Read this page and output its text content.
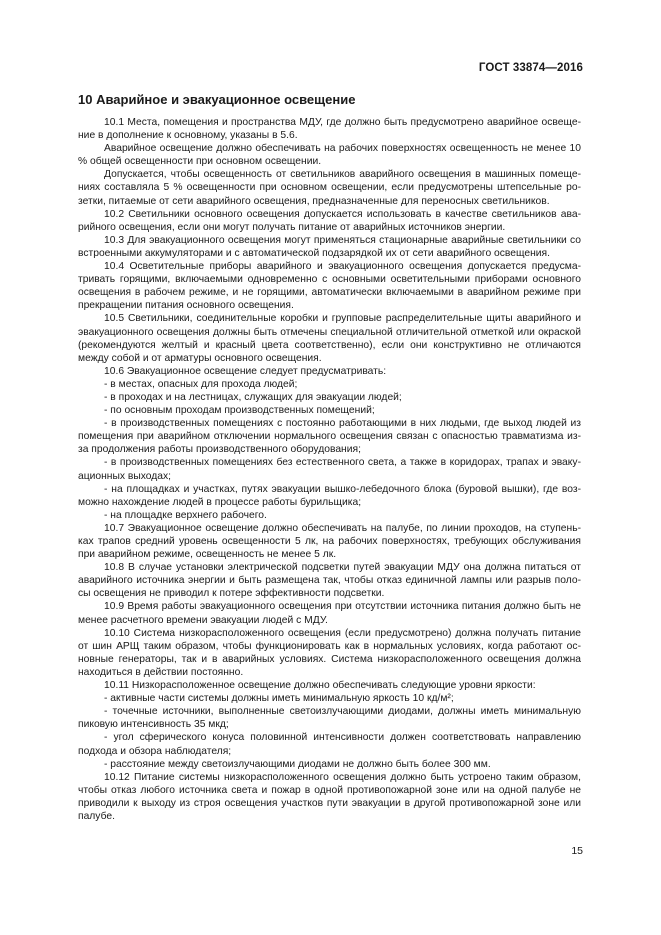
ГОСТ 33874—2016
10 Аварийное и эвакуационное освещение

10.1 Места, помещения и пространства МДУ, где должно быть предусмотрено аварийное освещение в дополнение к основному, указаны в 5.6.

Аварийное освещение должно обеспечивать на рабочих поверхностях освещенность не менее 10 % общей освещенности при основном освещении.

Допускается, чтобы освещенность от светильников аварийного освещения в машинных помещениях составляла 5 % освещенности при основном освещении, если предусмотрены штепсельные розетки, питаемые от сети аварийного освещения, предназначенные для переносных светильников.

10.2 Светильники основного освещения допускается использовать в качестве светильников аварийного освещения, если они могут получать питание от аварийных источников энергии.

10.3 Для эвакуационного освещения могут применяться стационарные аварийные светильники со встроенными аккумуляторами и с автоматической подзарядкой их от сети аварийного освещения.

10.4 Осветительные приборы аварийного и эвакуационного освещения допускается предусматривать горящими, включаемыми одновременно с основными осветительными приборами основного освещения в рабочем режиме, и не горящими, автоматически включаемыми в аварийном режиме при прекращении питания основного освещения.

10.5 Светильники, соединительные коробки и групповые распределительные щиты аварийного и эвакуационного освещения должны быть отмечены специальной отличительной отметкой или окраской (рекомендуются желтый и красный цвета соответственно), если они конструктивно не отличаются между собой и от арматуры основного освещения.

10.6 Эвакуационное освещение следует предусматривать:

- в местах, опасных для прохода людей;

- в проходах и на лестницах, служащих для эвакуации людей;

- по основным проходам производственных помещений;

- в производственных помещениях с постоянно работающими в них людьми, где выход людей из помещения при аварийном отключении нормального освещения связан с опасностью травматизма из-за продолжения работы производственного оборудования;

- в производственных помещениях без естественного света, а также в коридорах, трапах и эвакуационных выходах;

- на площадках и участках, путях эвакуации вышко-лебедочного блока (буровой вышки), где возможно нахождение людей в процессе работы бурильщика;

- на площадке верхнего рабочего.

10.7 Эвакуационное освещение должно обеспечивать на палубе, по линии проходов, на ступеньках трапов средний уровень освещенности 5 лк, на рабочих поверхностях, требующих обслуживания при аварийном режиме, освещенность не менее 5 лк.

10.8 В случае установки электрической подсветки путей эвакуации МДУ она должна питаться от аварийного источника энергии и быть размещена так, чтобы отказ единичной лампы или разрыв полосы освещения не приводил к потере эффективности подсветки.

10.9 Время работы эвакуационного освещения при отсутствии источника питания должно быть не менее расчетного времени эвакуации людей с МДУ.

10.10 Система низкорасположенного освещения (если предусмотрено) должна получать питание от шин АРЩ таким образом, чтобы функционировать как в нормальных условиях, когда работают основные генераторы, так и в аварийных условиях. Система низкорасположенного освещения должна находиться в действии постоянно.

10.11 Низкорасположенное освещение должно обеспечивать следующие уровни яркости:

- активные части системы должны иметь минимальную яркость 10 кд/м²;

- точечные источники, выполненные светоизлучающими диодами, должны иметь минимальную пиковую интенсивность 35 мкд;

- угол сферического конуса половинной интенсивности должен соответствовать направлению подхода и обзора наблюдателя;

- расстояние между светоизлучающими диодами не должно быть более 300 мм.

10.12 Питание системы низкорасположенного освещения должно быть устроено таким образом, чтобы отказ любого источника света и пожар в одной противопожарной зоне или на одной палубе не приводили к выходу из строя освещения участков пути эвакуации в другой противопожарной зоне или палубе.

15
